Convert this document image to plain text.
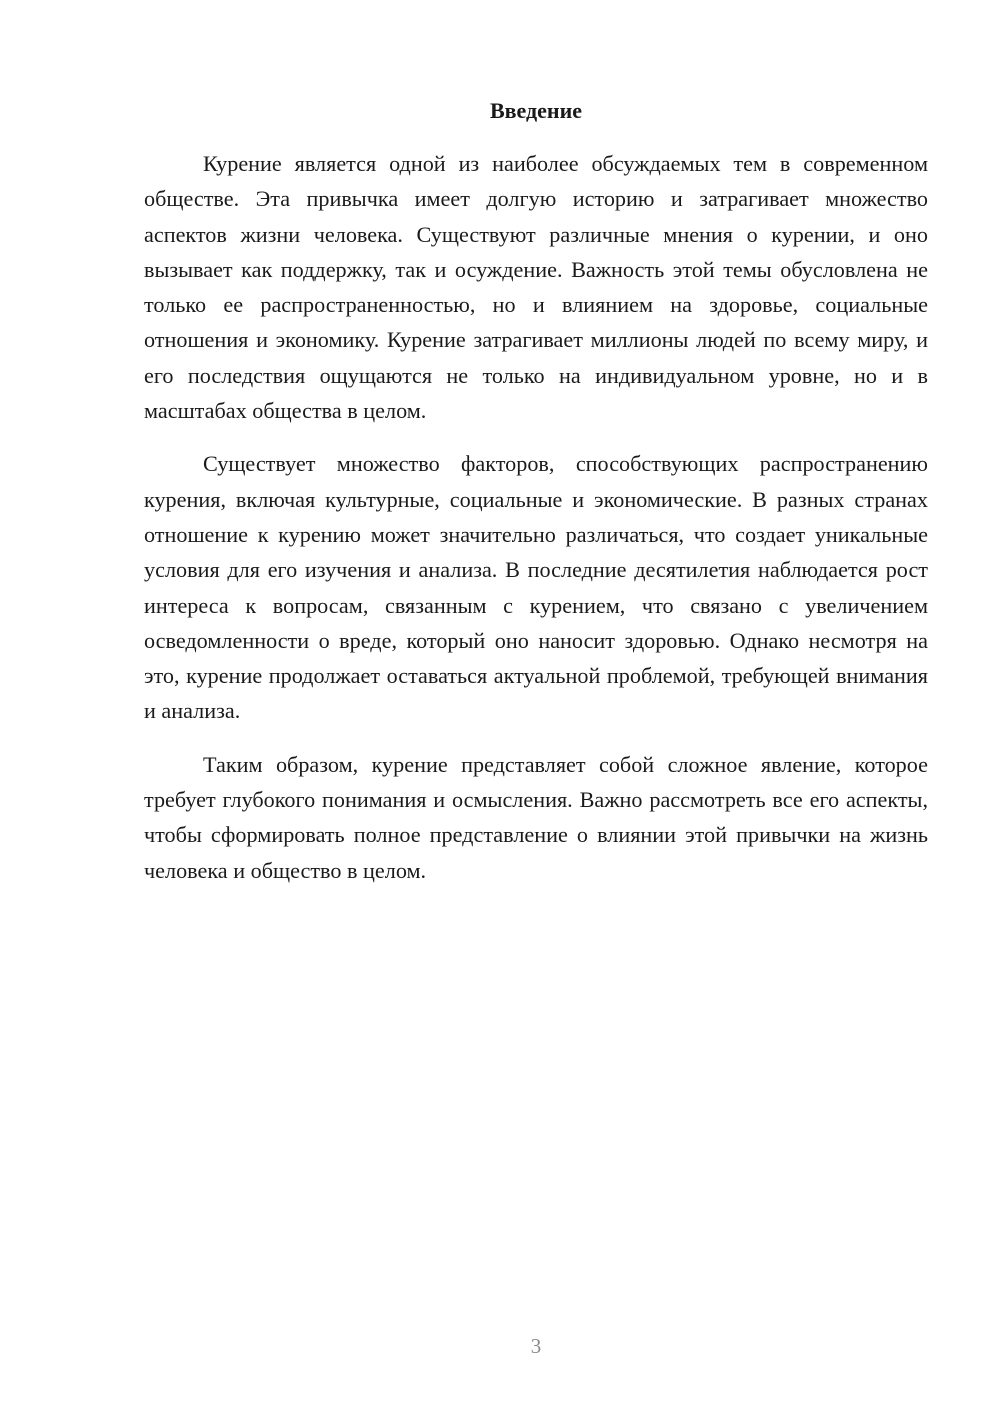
Введение

Курение является одной из наиболее обсуждаемых тем в современном обществе. Эта привычка имеет долгую историю и затрагивает множество аспектов жизни человека. Существуют различные мнения о курении, и оно вызывает как поддержку, так и осуждение. Важность этой темы обусловлена не только ее распространенностью, но и влиянием на здоровье, социальные отношения и экономику. Курение затрагивает миллионы людей по всему миру, и его последствия ощущаются не только на индивидуальном уровне, но и в масштабах общества в целом.

Существует множество факторов, способствующих распространению курения, включая культурные, социальные и экономические. В разных странах отношение к курению может значительно различаться, что создает уникальные условия для его изучения и анализа. В последние десятилетия наблюдается рост интереса к вопросам, связанным с курением, что связано с увеличением осведомленности о вреде, который оно наносит здоровью. Однако несмотря на это, курение продолжает оставаться актуальной проблемой, требующей внимания и анализа.

Таким образом, курение представляет собой сложное явление, которое требует глубокого понимания и осмысления. Важно рассмотреть все его аспекты, чтобы сформировать полное представление о влиянии этой привычки на жизнь человека и общество в целом.

3
